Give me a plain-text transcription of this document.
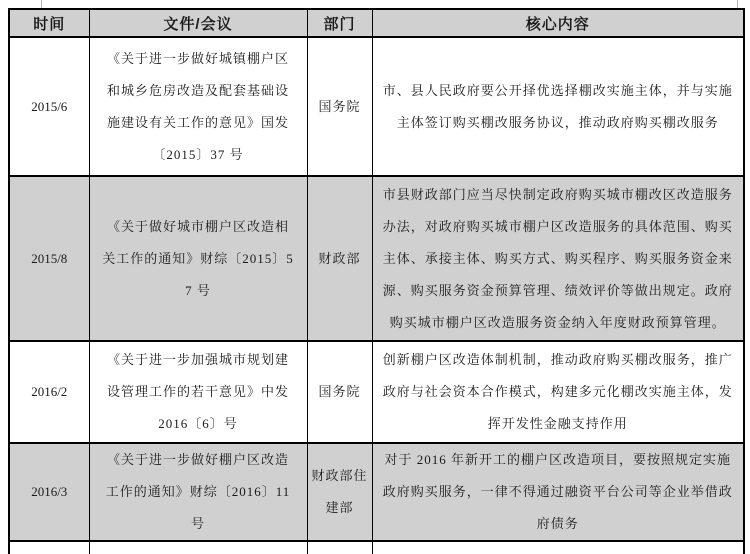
时间	文件/会议	部门	核心内容
2015/6	《关于进一步做好城镇棚户区和城乡危房改造及配套基础设施建设有关工作的意见》国发〔2015〕37 号	国务院	市、县人民政府要公开择优选择棚改实施主体，并与实施主体签订购买棚改服务协议，推动政府购买棚改服务
2015/8	《关于做好城市棚户区改造相关工作的通知》财综〔2015〕57 号	财政部	市县财政部门应当尽快制定政府购买城市棚改区改造服务办法，对政府购买城市棚户区改造服务的具体范围、购买主体、承接主体、购买方式、购买程序、购买服务资金来源、购买服务资金预算管理、绩效评价等做出规定。政府购买城市棚户区改造服务资金纳入年度财政预算管理。
2016/2	《关于进一步加强城市规划建设管理工作的若干意见》中发 2016〔6〕号	国务院	创新棚户区改造体制机制，推动政府购买棚改服务，推广政府与社会资本合作模式，构建多元化棚改实施主体，发挥开发性金融支持作用
2016/3	《关于进一步做好棚户区改造工作的通知》财综〔2016〕11 号	财政部住建部	对于 2016 年新开工的棚户区改造项目，要按照规定实施政府购买服务，一律不得通过融资平台公司等企业举借政府债务
